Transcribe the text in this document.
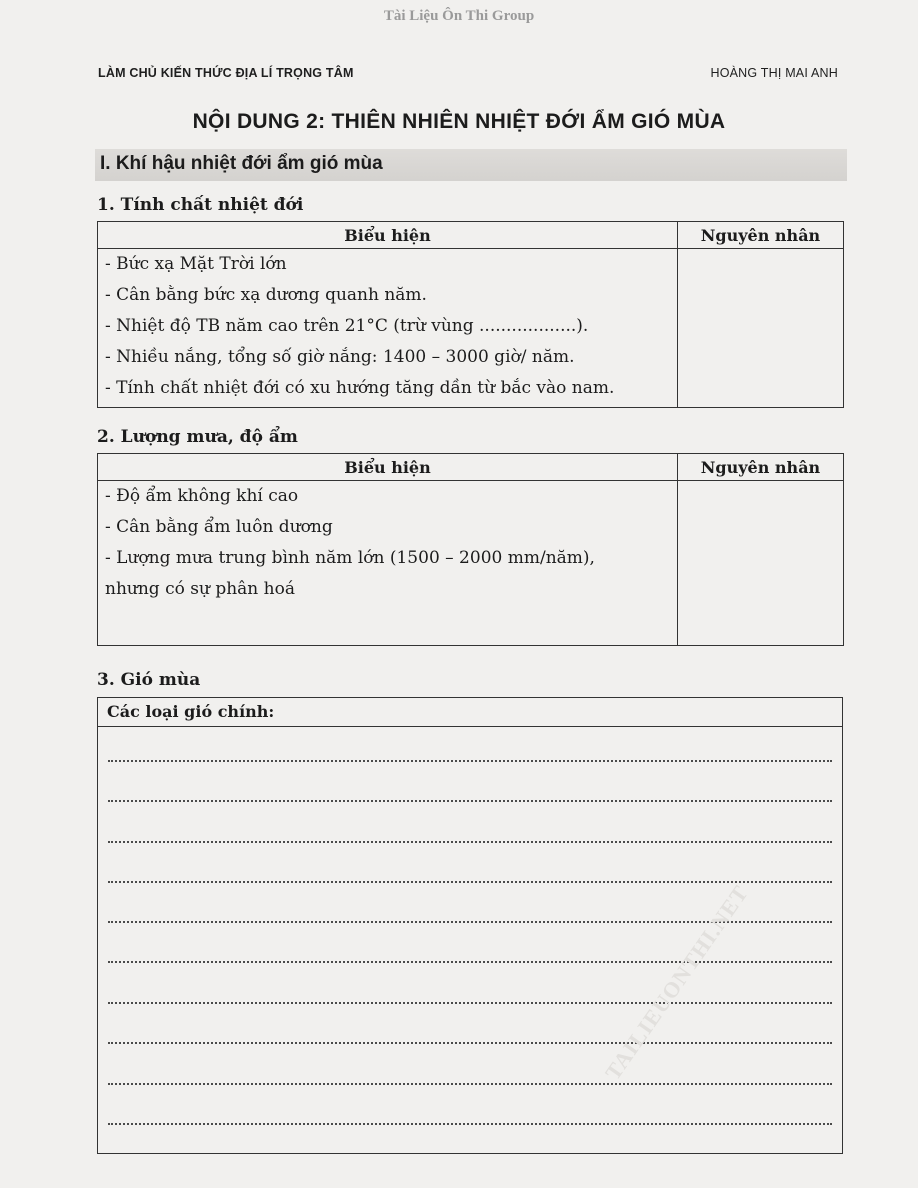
Tài Liệu Ôn Thi Group
LÀM CHỦ KIẾN THỨC ĐỊA LÍ TRỌNG TÂM	HOÀNG THỊ MAI ANH
NỘI DUNG 2: THIÊN NHIÊN NHIỆT ĐỚI ẨM GIÓ MÙA
I. Khí hậu nhiệt đới ẩm gió mùa
1. Tính chất nhiệt đới
Biểu hiện	Nguyên nhân

- Bức xạ Mặt Trời lớn
- Cân bằng bức xạ dương quanh năm.
- Nhiệt độ TB năm cao trên 21°C (trừ vùng ..................).
- Nhiều nắng, tổng số giờ nắng: 1400 – 3000 giờ/ năm.
- Tính chất nhiệt đới có xu hướng tăng dần từ bắc vào nam.	

2. Lượng mưa, độ ẩm
Biểu hiện	Nguyên nhân

- Độ ẩm không khí cao
- Cân bằng ẩm luôn dương
- Lượng mưa trung bình năm lớn (1500 – 2000 mm/năm),
nhưng có sự phân hoá	

3. Gió mùa
Các loại gió chính:
TAILIEUONTHI.NET
